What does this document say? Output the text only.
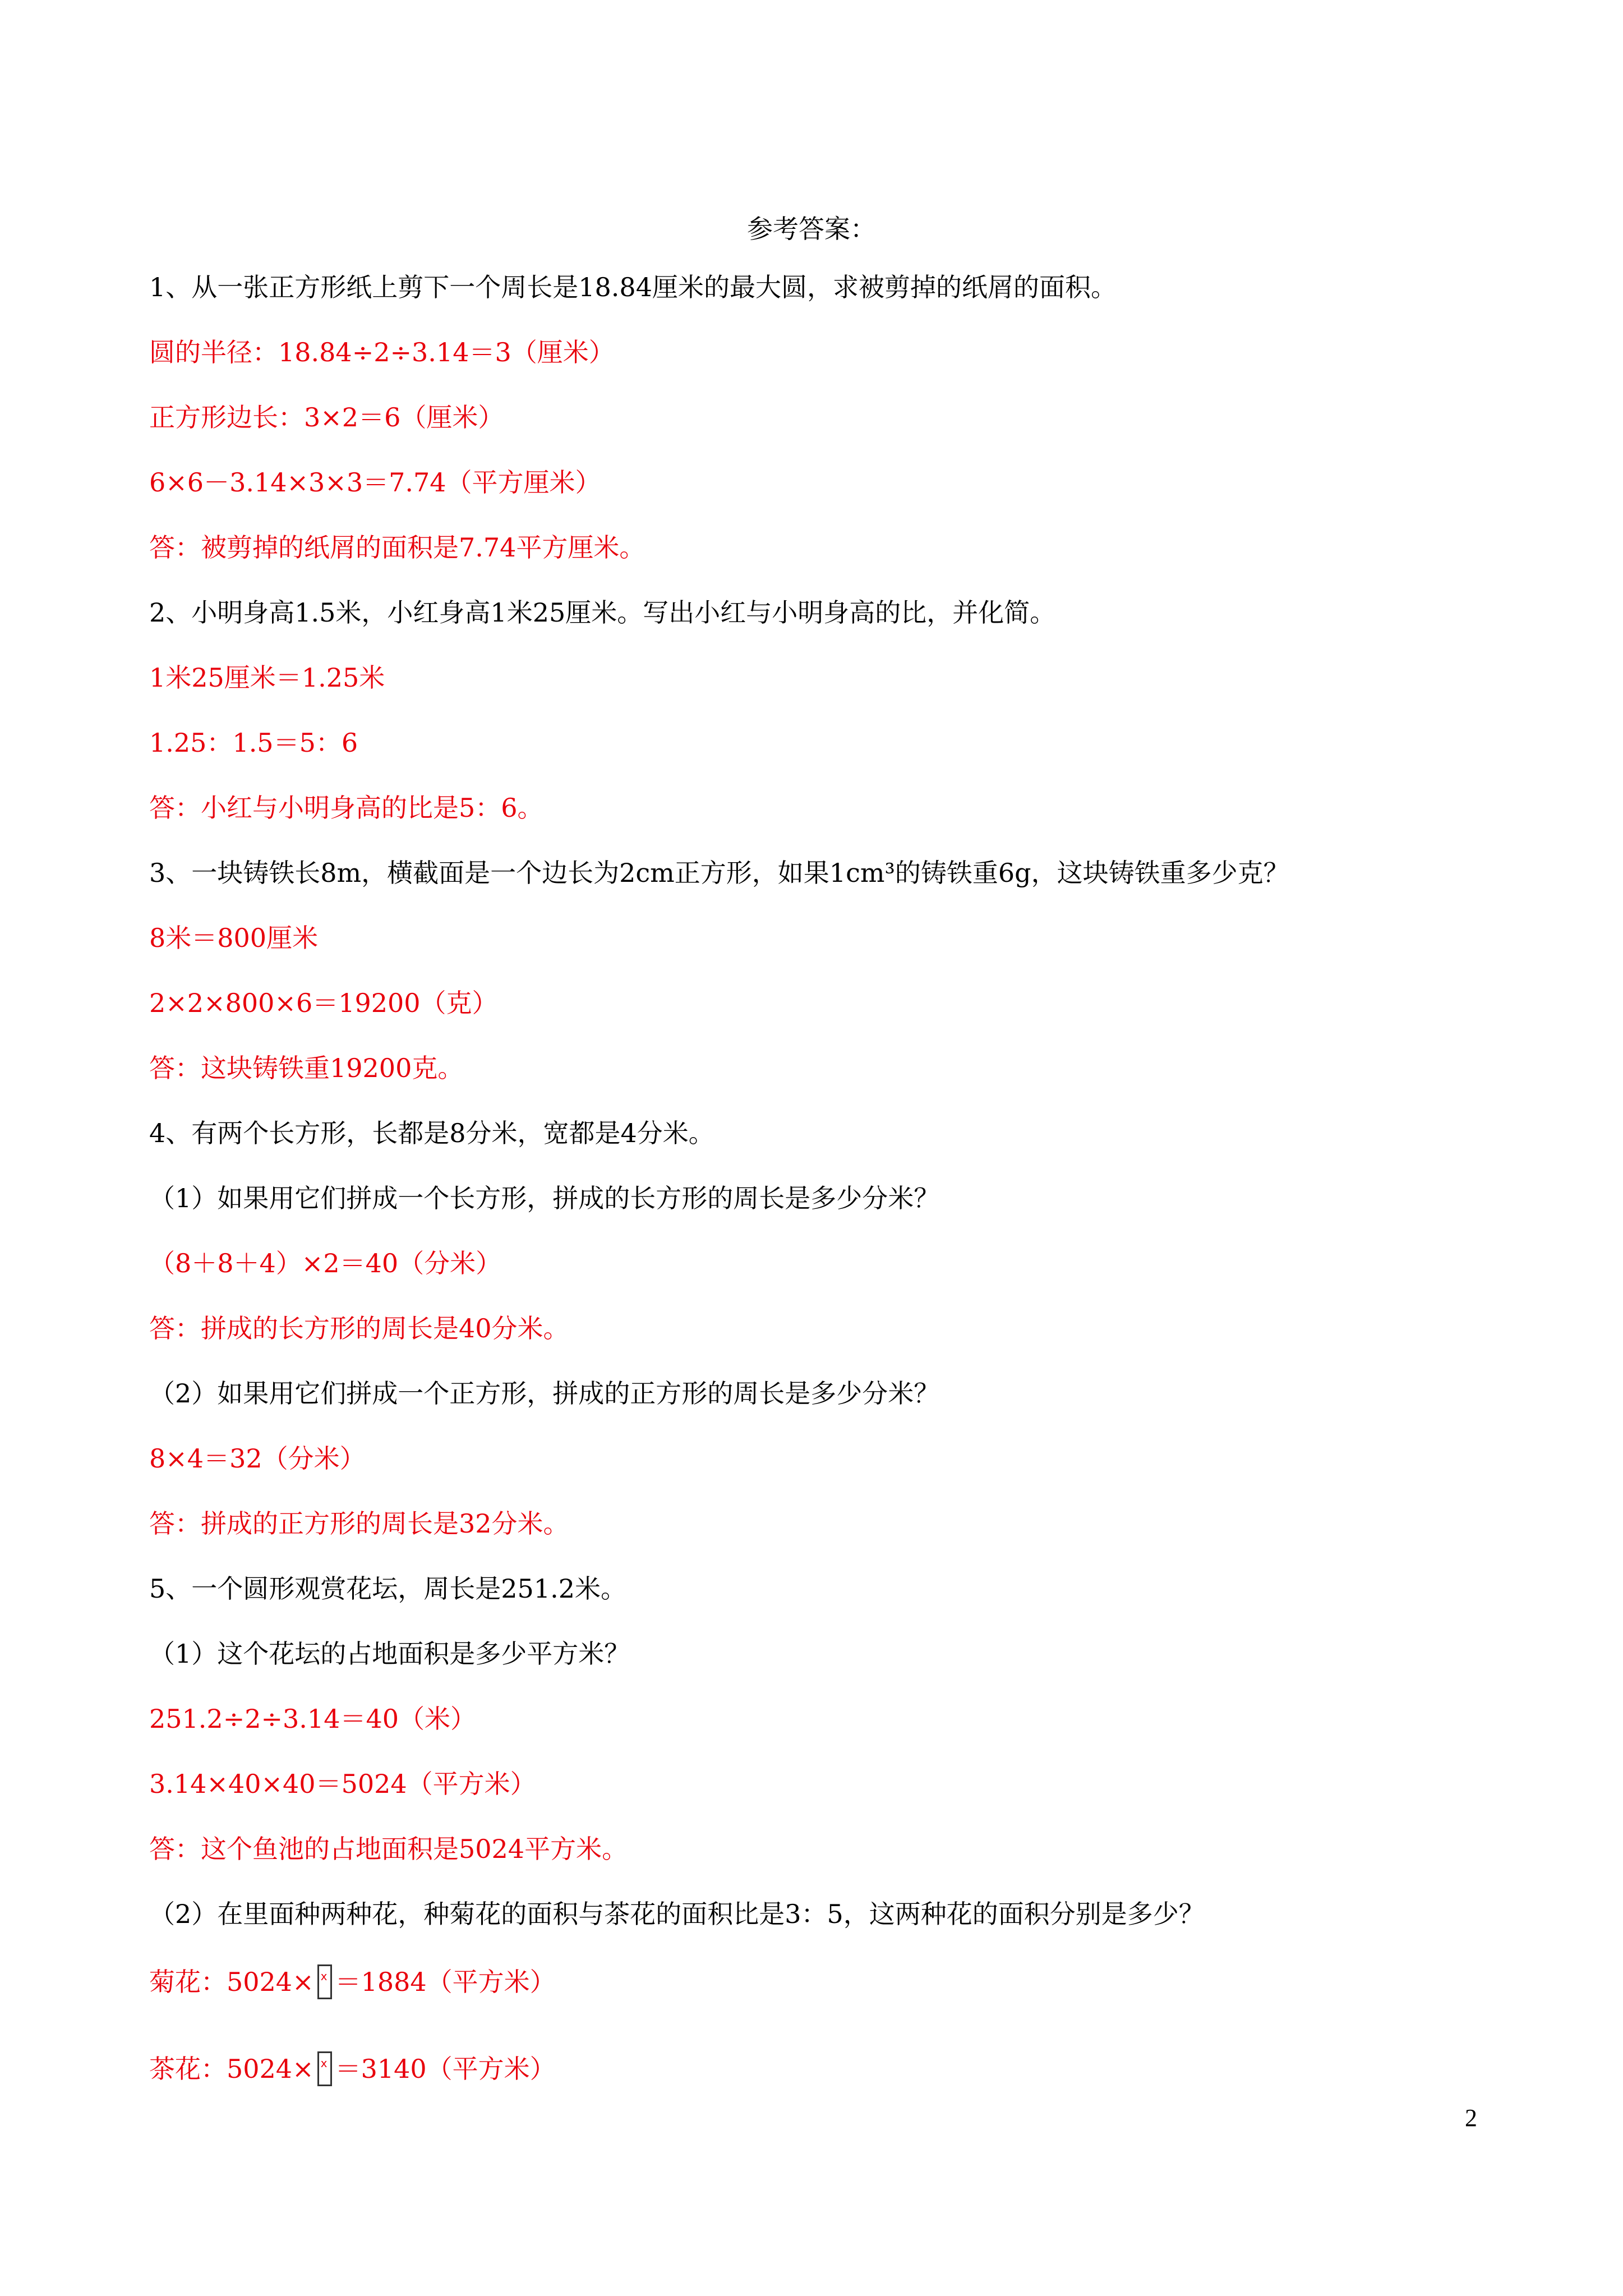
参考答案：
1、从一张正方形纸上剪下一个周长是18.84厘米的最大圆，求被剪掉的纸屑的面积。
圆的半径：18.84÷2÷3.14＝3（厘米）
正方形边长：3×2＝6（厘米）
6×6－3.14×3×3＝7.74（平方厘米）
答：被剪掉的纸屑的面积是7.74平方厘米。
2、小明身高1.5米，小红身高1米25厘米。写出小红与小明身高的比，并化简。
1米25厘米＝1.25米
1.25：1.5＝5：6
答：小红与小明身高的比是5：6。
3、一块铸铁长8m，横截面是一个边长为2cm正方形，如果1cm³的铸铁重6g，这块铸铁重多少克？
8米＝800厘米
2×2×800×6＝19200（克）
答：这块铸铁重19200克。
4、有两个长方形，长都是8分米，宽都是4分米。
（1）如果用它们拼成一个长方形，拼成的长方形的周长是多少分米？
（8＋8＋4）×2＝40（分米）
答：拼成的长方形的周长是40分米。
（2）如果用它们拼成一个正方形，拼成的正方形的周长是多少分米？
8×4＝32（分米）
答：拼成的正方形的周长是32分米。
5、一个圆形观赏花坛，周长是251.2米。
（1）这个花坛的占地面积是多少平方米？
251.2÷2÷3.14＝40（米）
3.14×40×40＝5024（平方米）
答：这个鱼池的占地面积是5024平方米。
（2）在里面种两种花，种菊花的面积与茶花的面积比是3：5，这两种花的面积分别是多少？
菊花：5024× x ＝1884（平方米）
茶花：5024× x ＝3140（平方米）
2
